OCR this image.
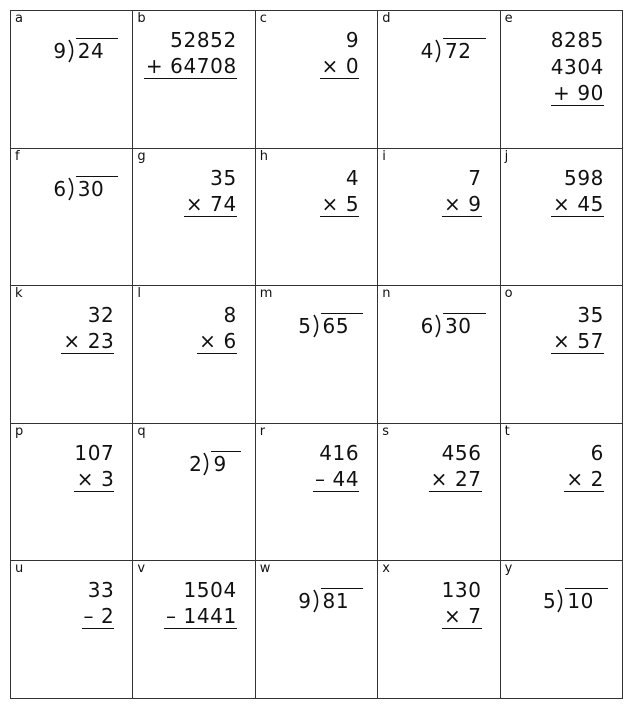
a
9 24
b
52852
+ 64708
c
9
× 0
d
4 72
e
8285
4304
+ 90
f
6 30
g
35
× 74
h
4
× 5
i
7
× 9
j
598
× 45
k
32
× 23
l
8
× 6
m
5 65
n
6 30
o
35
× 57
p
107
× 3
q
2 9
r
416
– 44
s
456
× 27
t
6
× 2
u
33
– 2
v
1504
– 1441
w
9 81
x
130
× 7
y
5 10
